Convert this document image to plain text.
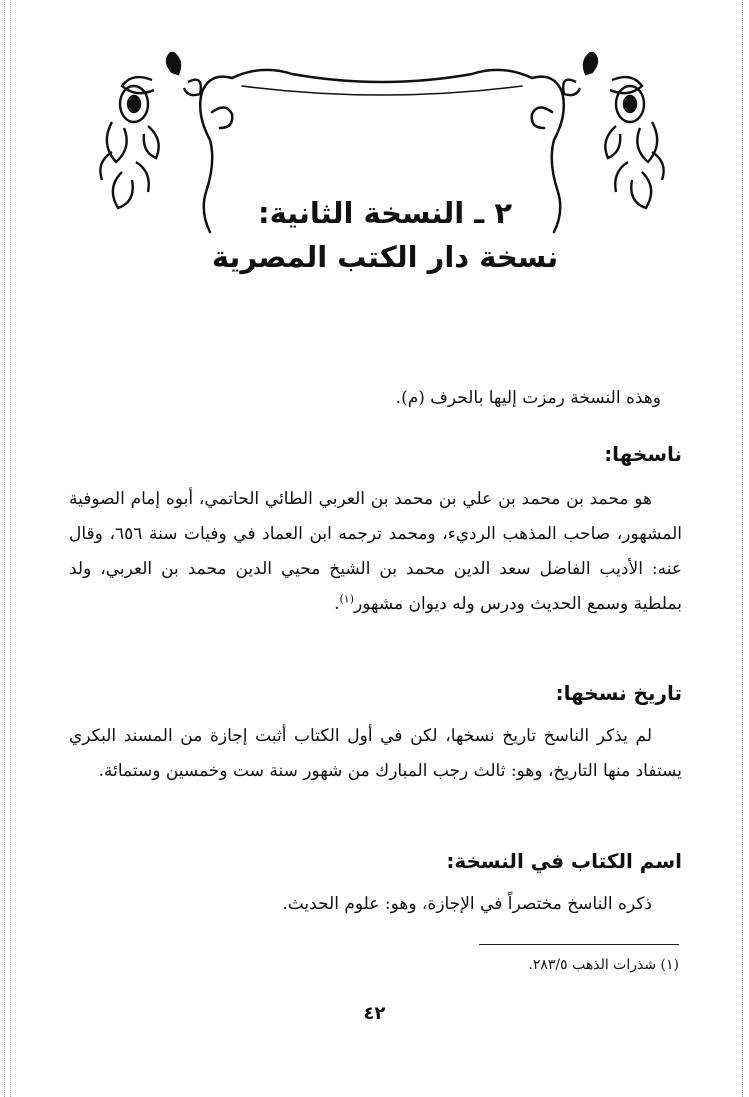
٢ ـ النسخة الثانية:
نسخة دار الكتب المصرية
وهذه النسخة رمزت إليها بالحرف (م).
ناسخها:
هو محمد بن محمد بن علي بن محمد بن العربي الطائي الحاتمي، أبوه إمام الصوفية المشهور، صاحب المذهب الرديء، ومحمد ترجمه ابن العماد في وفيات سنة ٦٥٦، وقال عنه: الأديب الفاضل سعد الدين محمد بن الشيخ محيي الدين محمد بن العربي، ولد بملطية وسمع الحديث ودرس وله ديوان مشهور$^{(١)}$.
تاريخ نسخها:
لم يذكر الناسخ تاريخ نسخها، لكن في أول الكتاب أثبت إجازة من المسند البكري يستفاد منها التاريخ، وهو: ثالث رجب المبارك من شهور سنة ست وخمسين وستمائة.
اسم الكتاب في النسخة:
ذكره الناسخ مختصراً في الإجازة، وهو: علوم الحديث.
(١) شذرات الذهب ٢٨٣/٥.
٤٢
